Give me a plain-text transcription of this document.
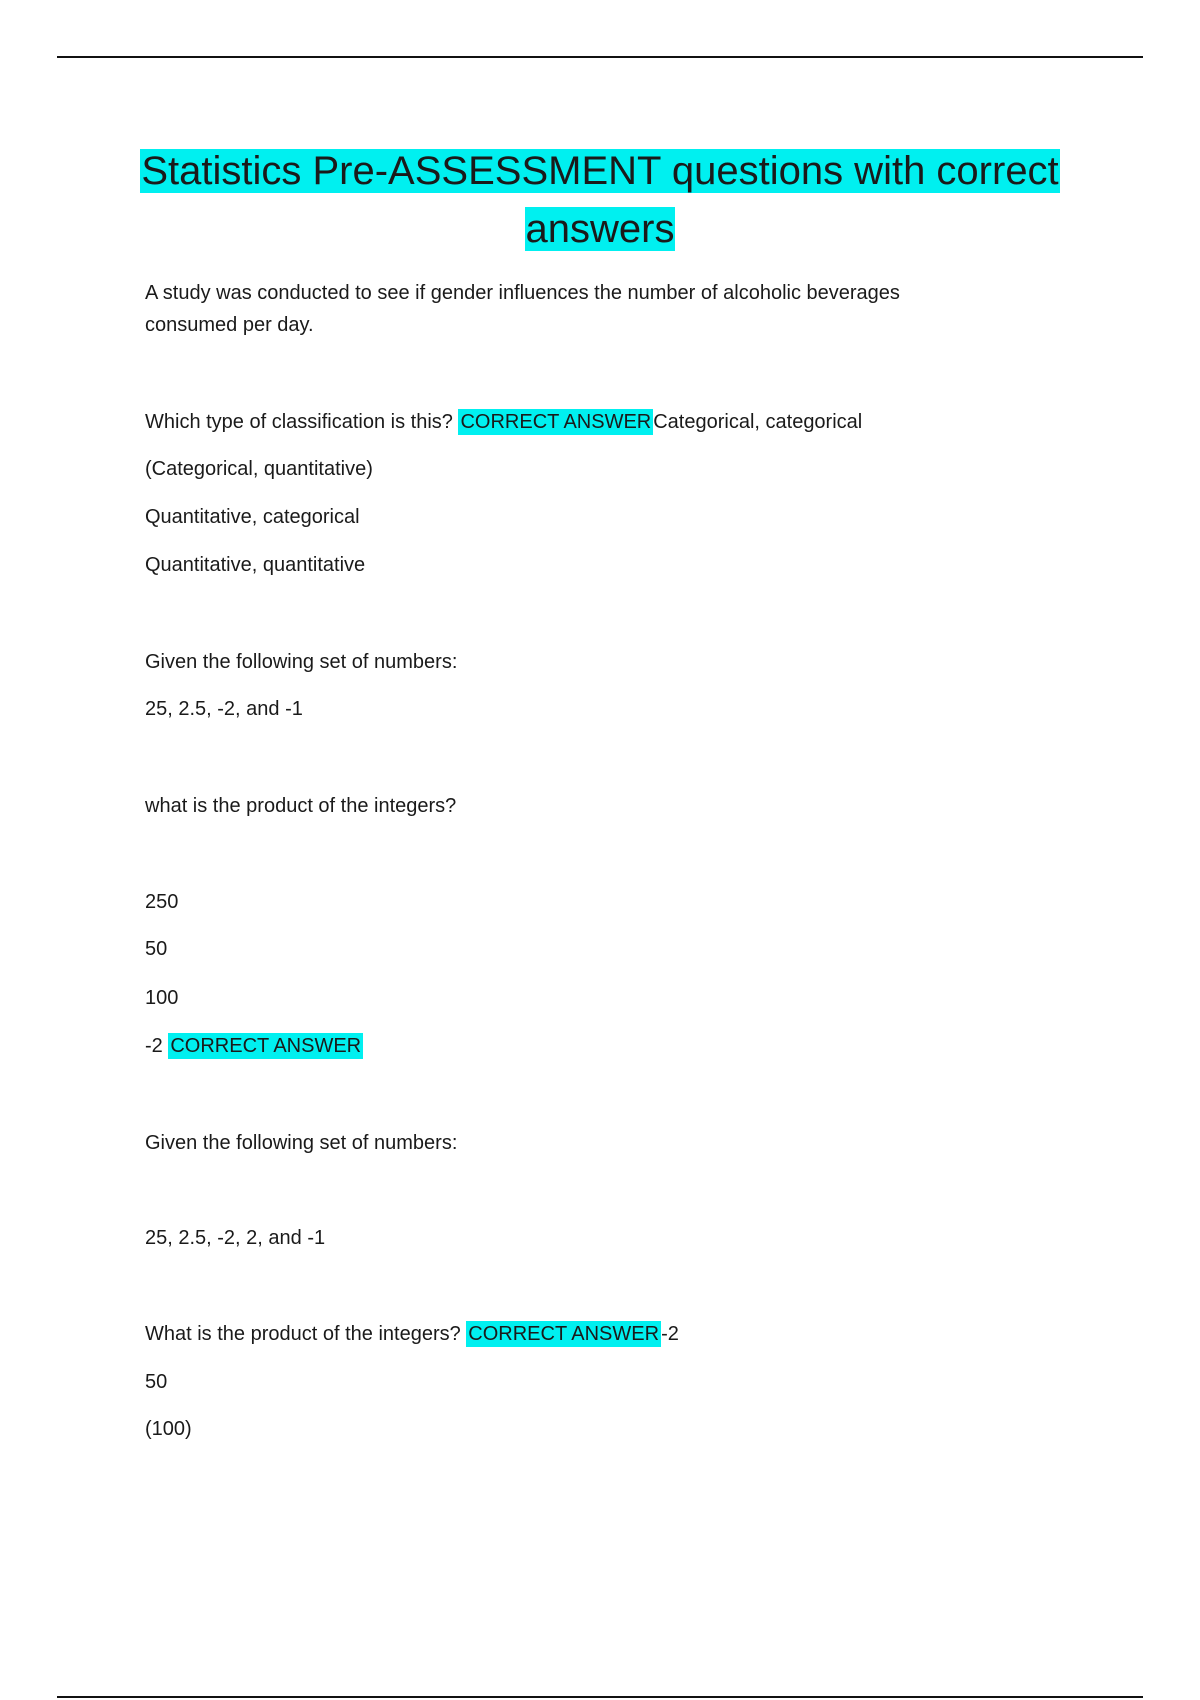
Statistics Pre-ASSESSMENT questions with correct
answers
A study was conducted to see if gender influences the number of alcoholic beverages
consumed per day.
Which type of classification is this? CORRECT ANSWER Categorical, categorical
(Categorical, quantitative)
Quantitative, categorical
Quantitative, quantitative
Given the following set of numbers:
25, 2.5, -2, and -1
what is the product of the integers?
250
50
100
-2 CORRECT ANSWER
Given the following set of numbers:
25, 2.5, -2, 2, and -1
What is the product of the integers? CORRECT ANSWER -2
50
(100)
